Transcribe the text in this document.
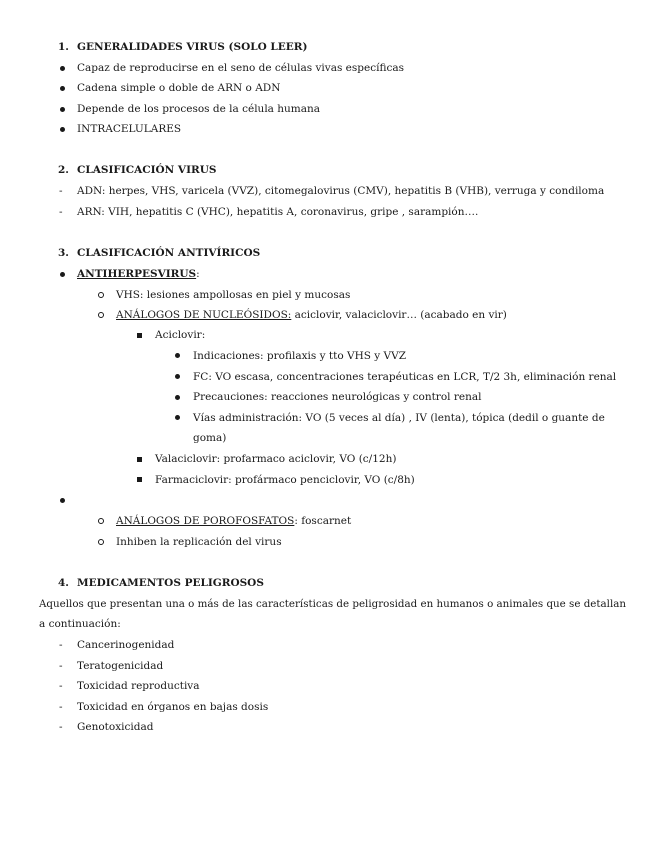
1. GENERALIDADES VIRUS (SOLO LEER)
Capaz de reproducirse en el seno de células vivas específicas
Cadena simple o doble de ARN o ADN
Depende de los procesos de la célula humana
INTRACELULARES
2. CLASIFICACIÓN VIRUS
- ADN: herpes, VHS, varicela (VVZ), citomegalovirus (CMV), hepatitis B (VHB), verruga y condiloma
- ARN: VIH, hepatitis C (VHC), hepatitis A, coronavirus, gripe , sarampión….
3. CLASIFICACIÓN ANTIVÍRICOS
ANTIHERPESVIRUS:
VHS: lesiones ampollosas en piel y mucosas
ANÁLOGOS DE NUCLEÓSIDOS: aciclovir, valaciclovir… (acabado en vir)
Aciclovir:
Indicaciones: profilaxis y tto VHS y VVZ
FC: VO escasa, concentraciones terapéuticas en LCR, T/2 3h, eliminación renal
Precauciones: reacciones neurológicas y control renal
Vías administración: VO (5 veces al día) , IV (lenta), tópica (dedil o guante de
goma)
Valaciclovir: profarmaco aciclovir, VO (c/12h)
Farmaciclovir: profármaco penciclovir, VO (c/8h)
ANÁLOGOS DE POROFOSFATOS: foscarnet
Inhiben la replicación del virus
4. MEDICAMENTOS PELIGROSOS
Aquellos que presentan una o más de las características de peligrosidad en humanos o animales que se detallan
a continuación:
- Cancerinogenidad
- Teratogenicidad
- Toxicidad reproductiva
- Toxicidad en órganos en bajas dosis
- Genotoxicidad
